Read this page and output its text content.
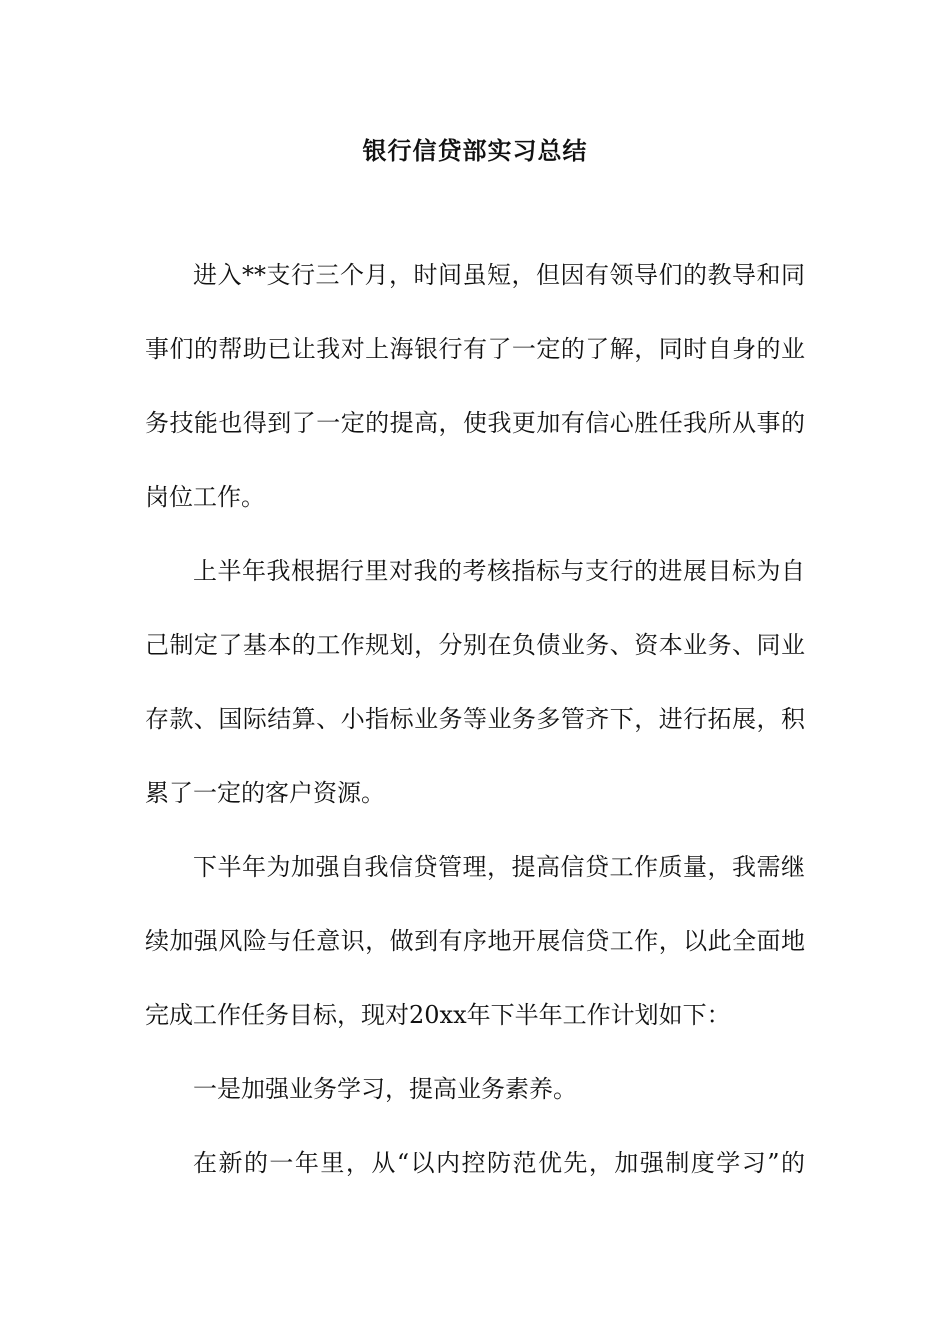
银行信贷部实习总结

进入**支行三个月，时间虽短，但因有领导们的教导和同

事们的帮助已让我对上海银行有了一定的了解，同时自身的业

务技能也得到了一定的提高，使我更加有信心胜任我所从事的

岗位工作。

上半年我根据行里对我的考核指标与支行的进展目标为自

己制定了基本的工作规划，分别在负债业务、资本业务、同业

存款、国际结算、小指标业务等业务多管齐下，进行拓展，积

累了一定的客户资源。

下半年为加强自我信贷管理，提高信贷工作质量，我需继

续加强风险与任意识，做到有序地开展信贷工作，以此全面地

完成工作任务目标，现对20xx年下半年工作计划如下：

一是加强业务学习，提高业务素养。

在新的一年里，从“以内控防范优先，加强制度学习”的
